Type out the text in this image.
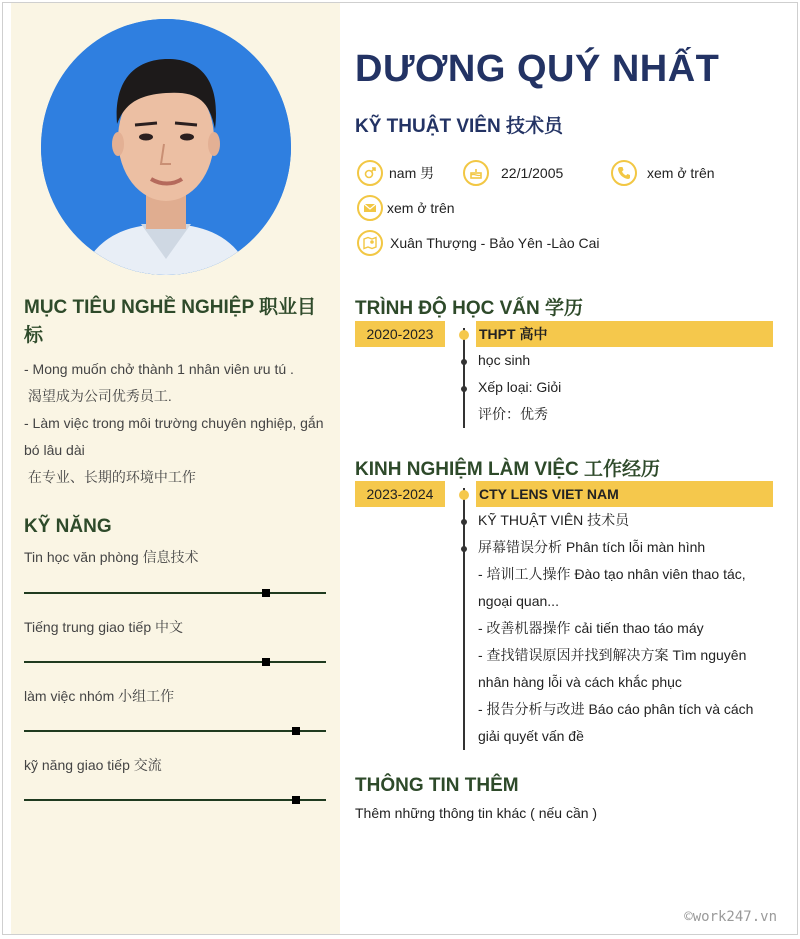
MỤC TIÊU NGHỀ NGHIỆP 职业目标
- Mong muốn chở thành 1 nhân viên ưu tú .
渴望成为公司优秀员工.
- Làm việc trong môi trường chuyên nghiệp, gắn bó lâu dài
在专业、长期的环境中工作
KỸ NĂNG
Tin học văn phòng 信息技术
Tiếng trung giao tiếp 中文
làm việc nhóm 小组工作
kỹ năng giao tiếp 交流
DƯƠNG QUÝ NHẤT
KỸ THUẬT VIÊN 技术员
nam 男	22/1/2005	xem ở trên
xem ở trên
Xuân Thượng - Bảo Yên -Lào Cai
TRÌNH ĐỘ HỌC VẤN 学历
2020-2023	THPT 高中
học sinh
Xếp loại: Giỏi
评价：优秀
KINH NGHIỆM LÀM VIỆC 工作经历
2023-2024	CTY LENS VIET NAM
KỸ THUẬT VIÊN 技术员
屏幕错误分析 Phân tích lỗi màn hình
- 培训工人操作 Đào tạo nhân viên thao tác, ngoại quan...
- 改善机器操作 cải tiến thao táo máy
- 查找错误原因并找到解决方案 Tìm nguyên nhân hàng lỗi và cách khắc phục
- 报告分析与改进 Báo cáo phân tích và cách giải quyết vấn đề
THÔNG TIN THÊM
Thêm những thông tin khác ( nếu cần )
©work247.vn
